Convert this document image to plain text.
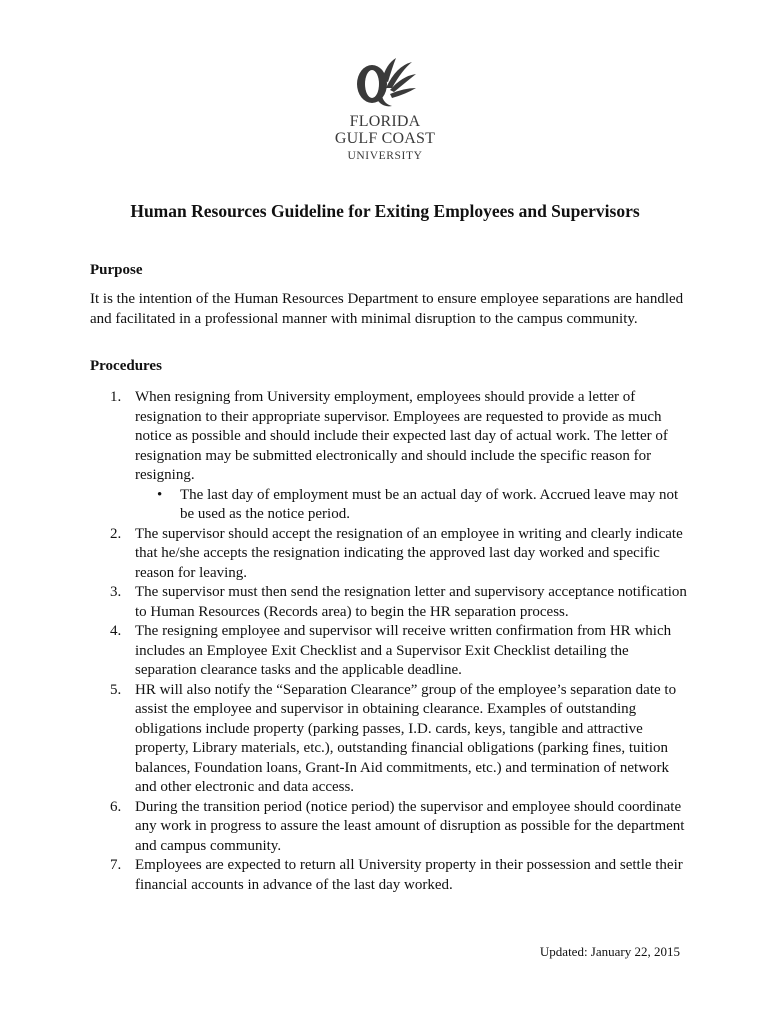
FLORIDA
GULF COAST
UNIVERSITY
Human Resources Guideline for Exiting Employees and Supervisors
Purpose
It is the intention of the Human Resources Department to ensure employee separations are handled and facilitated in a professional manner with minimal disruption to the campus community.
Procedures
1. When resigning from University employment, employees should provide a letter of resignation to their appropriate supervisor. Employees are requested to provide as much notice as possible and should include their expected last day of actual work. The letter of resignation may be submitted electronically and should include the specific reason for resigning.
• The last day of employment must be an actual day of work. Accrued leave may not be used as the notice period.
2. The supervisor should accept the resignation of an employee in writing and clearly indicate that he/she accepts the resignation indicating the approved last day worked and specific reason for leaving.
3. The supervisor must then send the resignation letter and supervisory acceptance notification to Human Resources (Records area) to begin the HR separation process.
4. The resigning employee and supervisor will receive written confirmation from HR which includes an Employee Exit Checklist and a Supervisor Exit Checklist detailing the separation clearance tasks and the applicable deadline.
5. HR will also notify the “Separation Clearance” group of the employee’s separation date to assist the employee and supervisor in obtaining clearance. Examples of outstanding obligations include property (parking passes, I.D. cards, keys, tangible and attractive property, Library materials, etc.), outstanding financial obligations (parking fines, tuition balances, Foundation loans, Grant-In Aid commitments, etc.) and termination of network and other electronic and data access.
6. During the transition period (notice period) the supervisor and employee should coordinate any work in progress to assure the least amount of disruption as possible for the department and campus community.
7. Employees are expected to return all University property in their possession and settle their financial accounts in advance of the last day worked.
Updated: January 22, 2015
